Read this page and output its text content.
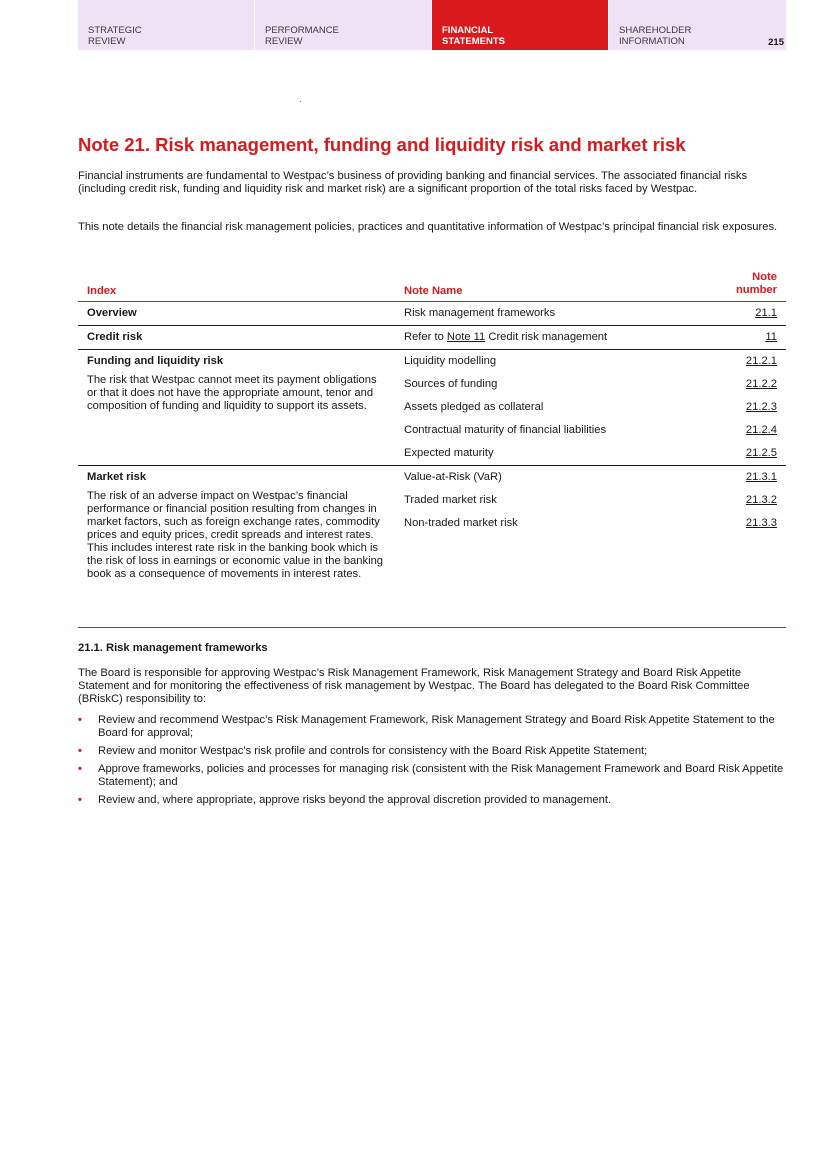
STRATEGIC
REVIEW
PERFORMANCE
REVIEW
FINANCIAL
STATEMENTS
SHAREHOLDER
INFORMATION	215
Note 21. Risk management, funding and liquidity risk and market risk

Financial instruments are fundamental to Westpac’s business of providing banking and financial services. The associated financial risks (including credit risk, funding and liquidity risk and market risk) are a significant proportion of the total risks faced by Westpac.

This note details the financial risk management policies, practices and quantitative information of Westpac’s principal financial risk exposures.

Index	Note Name
Note
number
Overview	Risk management frameworks	21.1
Credit risk	Refer to Note 11 Credit risk management	11
Funding and liquidity risk
The risk that Westpac cannot meet its payment obligations or that it does not have the appropriate amount, tenor and composition of funding and liquidity to support its assets.
Liquidity modelling	21.2.1
Sources of funding	21.2.2
Assets pledged as collateral	21.2.3
Contractual maturity of financial liabilities	21.2.4
Expected maturity	21.2.5
Market risk
The risk of an adverse impact on Westpac’s financial performance or financial position resulting from changes in market factors, such as foreign exchange rates, commodity prices and equity prices, credit spreads and interest rates. This includes interest rate risk in the banking book which is the risk of loss in earnings or economic value in the banking book as a consequence of movements in interest rates.
Value-at-Risk (VaR)	21.3.1
Traded market risk	21.3.2
Non-traded market risk	21.3.3
21.1. Risk management frameworks

The Board is responsible for approving Westpac’s Risk Management Framework, Risk Management Strategy and Board Risk Appetite Statement and for monitoring the effectiveness of risk management by Westpac. The Board has delegated to the Board Risk Committee (BRiskC) responsibility to:

• Review and recommend Westpac’s Risk Management Framework, Risk Management Strategy and Board Risk Appetite Statement to the Board for approval;
• Review and monitor Westpac’s risk profile and controls for consistency with the Board Risk Appetite Statement;
• Approve frameworks, policies and processes for managing risk (consistent with the Risk Management Framework and Board Risk Appetite Statement); and
• Review and, where appropriate, approve risks beyond the approval discretion provided to management.
